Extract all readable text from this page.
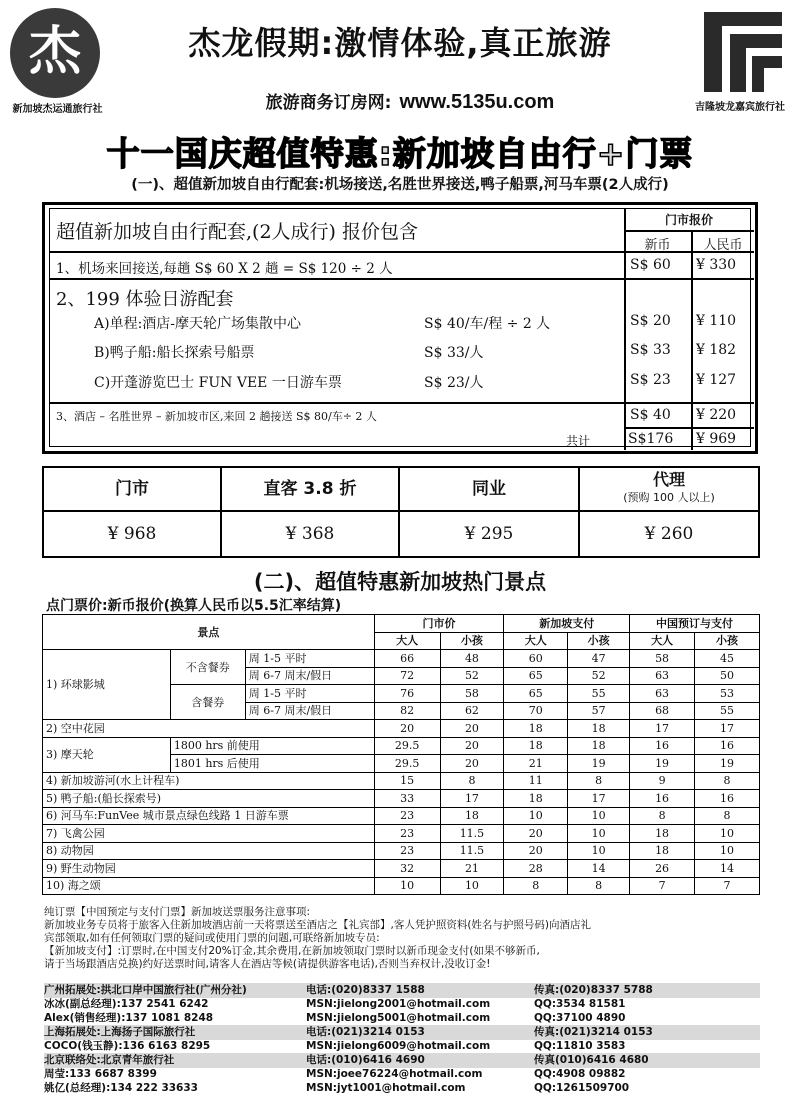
杰
新加坡杰运通旅行社
杰龙假期:激情体验,真正旅游
旅游商务订房网: www.5135u.com	吉隆坡龙嘉宾旅行社
十一国庆超值特惠:新加坡自由行+门票
(一)、超值新加坡自由行配套:机场接送,名胜世界接送,鸭子船票,河马车票(2人成行)
超值新加坡自由行配套,(2人成行) 报价包含
门市报价
新币	人民币
1、机场来回接送,每趟 S$ 60 X 2 趟 = S$ 120 ÷ 2 人	S$ 60 ¥ 330
2、199 体验日游配套
A)单程:酒店-摩天轮广场集散中心	S$ 40/车/程 ÷ 2 人	S$ 20 ¥ 110
B)鸭子船:船长探索号船票	S$ 33/人	S$ 33 ¥ 182
C)开蓬游览巴士 FUN VEE 一日游车票	S$ 23/人	S$ 23 ¥ 127
3、酒店 – 名胜世界 – 新加坡市区,来回 2 趟接送 S$ 80/车÷ 2 人	S$ 40 ¥ 220
共计	S$176 ¥ 969
门市	直客 3.8 折	同业	代理
(预购 100 人以上)
¥ 968	¥ 368	¥ 295	¥ 260
(二)、超值特惠新加坡热门景点
点门票价:新币报价(换算人民币以5.5汇率结算)
景点			门市价		新加坡支付		中国预订与支付	
			大人	小孩	大人	小孩	大人	小孩
1) 环球影城	不含餐券	周 1-5 平时	66	48	60	47	58	45
		周 6-7 周末/假日	72	52	65	52	63	50
	含餐券	周 1-5 平时	76	58	65	55	63	53
		周 6-7 周末/假日	82	62	70	57	68	55
2) 空中花园			20	20	18	18	17	17
3) 摩天轮	1800 hrs 前使用		29.5	20	18	18	16	16
	1801 hrs 后使用		29.5	20	21	19	19	19
4) 新加坡游河(水上计程车)			15	8	11	8	9	8
5) 鸭子船:(船长探索号)			33	17	18	17	16	16
6) 河马车:FunVee 城市景点绿色线路 1 日游车票			23	18	10	10	8	8
7) 飞禽公园			23	11.5	20	10	18	10
8) 动物园			23	11.5	20	10	18	10
9) 野生动物园			32	21	28	14	26	14
10) 海之颂			10	10	8	8	7	7
纯订票【中国预定与支付门票】新加坡送票服务注意事项:
新加坡业务专员将于旅客入住新加坡酒店前一天将票送至酒店之【礼宾部】,客人凭护照资料(姓名与护照号码)向酒店礼
宾部领取,如有任何领取门票的疑问或使用门票的问题,可联络新加坡专员:
【新加坡支付】:订票时,在中国支付20%订金,其余费用,在新加坡领取门票时以新币现金支付(如果不够新币,
请于当场跟酒店兑换)约好送票时间,请客人在酒店等候(请提供游客电话),否则当弃权计,没收订金!
广州拓展处:拱北口岸中国旅行社(广州分社)	电话:(020)8337 1588	传真:(020)8337 5788
冰冰(副总经理):137 2541 6242	MSN:jielong2001@hotmail.com	QQ:3534 81581
Alex(销售经理):137 1081 8248	MSN:jielong5001@hotmail.com	QQ:37100 4890
上海拓展处:上海扬子国际旅行社	电话:(021)3214 0153	传真:(021)3214 0153
COCO(钱玉静):136 6163 8295	MSN:jielong6009@hotmail.com	QQ:11810 3583
北京联络处:北京青年旅行社	电话:(010)6416 4690	传真(010)6416 4680
周莹:133 6687 8399	MSN:joee76224@hotmail.com	QQ:4908 09882
姚亿(总经理):134 222 33633	MSN:jyt1001@hotmail.com	QQ:1261509700
